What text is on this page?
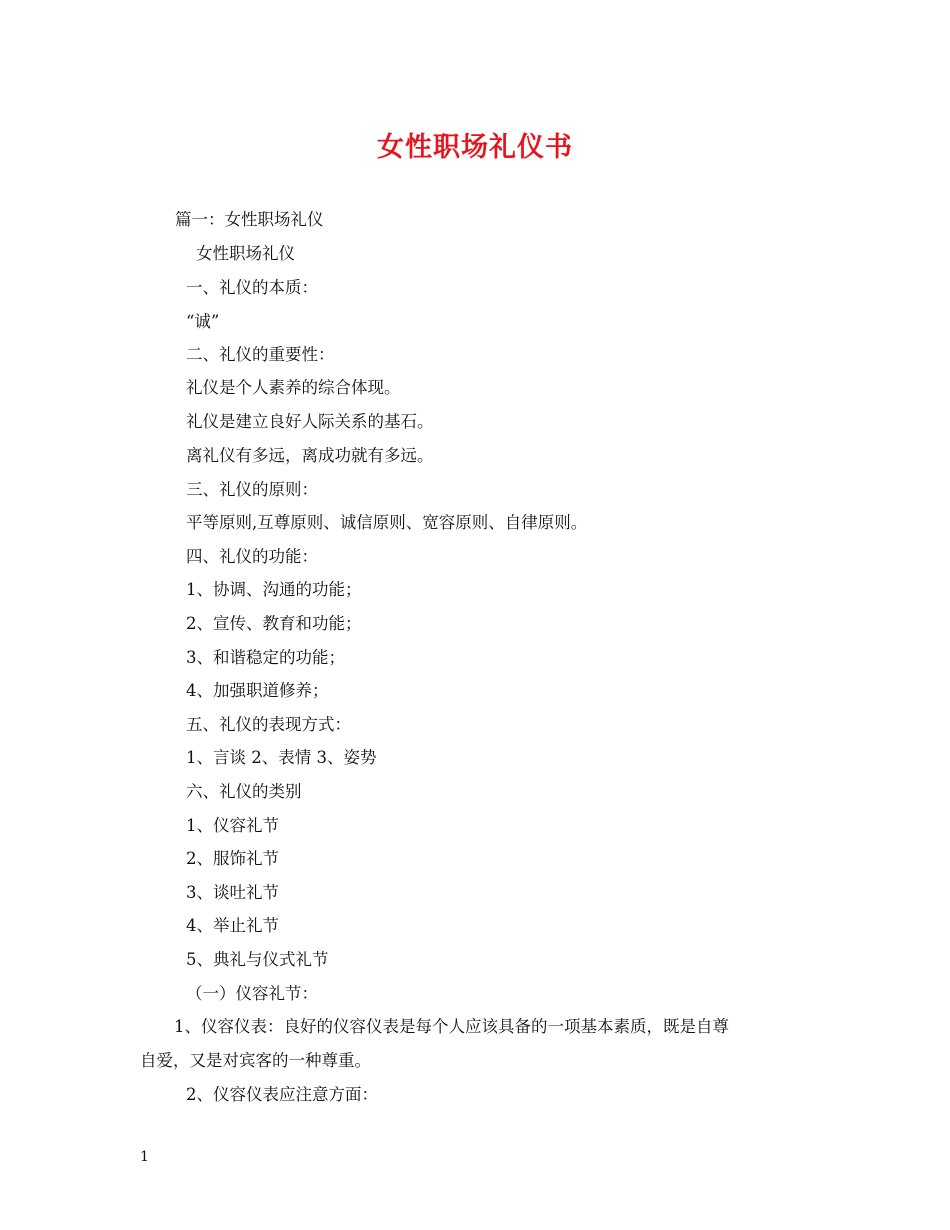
女性职场礼仪书
篇一：女性职场礼仪
女性职场礼仪
一、礼仪的本质：
“诚”
二、礼仪的重要性：
礼仪是个人素养的综合体现。
礼仪是建立良好人际关系的基石。
离礼仪有多远，离成功就有多远。
三、礼仪的原则：
平等原则,互尊原则、诚信原则、宽容原则、自律原则。
四、礼仪的功能：
1、协调、沟通的功能；
2、宣传、教育和功能；
3、和谐稳定的功能；
4、加强职道修养；
五、礼仪的表现方式：
1、言谈 2、表情 3、姿势
六、礼仪的类别
1、仪容礼节
2、服饰礼节
3、谈吐礼节
4、举止礼节
5、典礼与仪式礼节
（一）仪容礼节：
1、仪容仪表：良好的仪容仪表是每个人应该具备的一项基本素质，既是自尊
自爱，又是对宾客的一种尊重。
2、仪容仪表应注意方面：
1
